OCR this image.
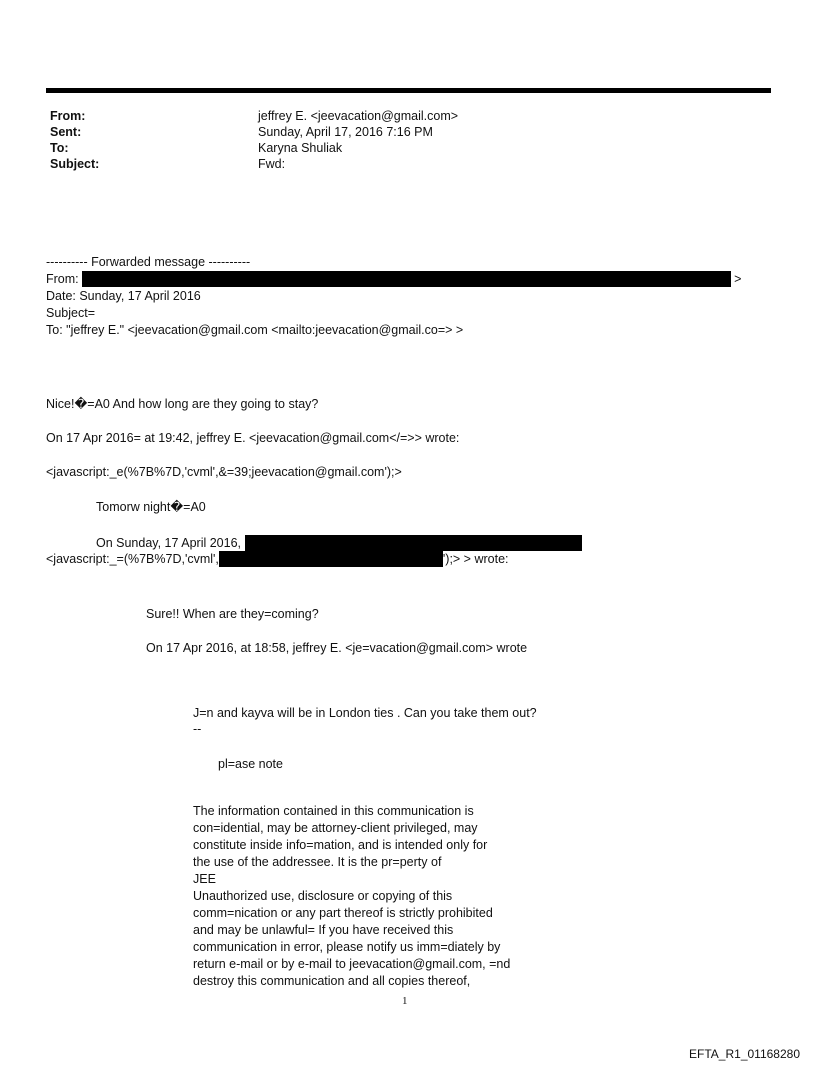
From:	jeffrey E. <jeevacation@gmail.com>
Sent:	Sunday, April 17, 2016 7:16 PM
To:	Karyna Shuliak
Subject:	Fwd:
---------- Forwarded message ----------
From:	>
Date: Sunday, 17 April 2016
Subject=
To: "jeffrey E." <jeevacation@gmail.com <mailto:jeevacation@gmail.co=> >
Nice!�=A0 And how long are they going to stay?
On 17 Apr 2016= at 19:42, jeffrey E. <jeevacation@gmail.com</=>> wrote:
<javascript:_e(%7B%7D,'cvml',&=39;jeevacation@gmail.com');>
Tomorw night�=A0
On Sunday, 17 April 2016,
<javascript:_=(%7B%7D,'cvml',	');> > wrote:
Sure!! When are they=coming?
On 17 Apr 2016, at 18:58, jeffrey E. <je=vacation@gmail.com> wrote
J=n and kayva will be in London ties . Can you take them out?
--
pl=ase note
The information contained in this communication is
con=idential, may be attorney-client privileged, may
constitute inside info=mation, and is intended only for
the use of the addressee. It is the pr=perty of
JEE
Unauthorized use, disclosure or copying of this
comm=nication or any part thereof is strictly prohibited
and may be unlawful= If you have received this
communication in error, please notify us imm=diately by
return e-mail or by e-mail to jeevacation@gmail.com, =nd
destroy this communication and all copies thereof,
1
EFTA_R1_01168280
